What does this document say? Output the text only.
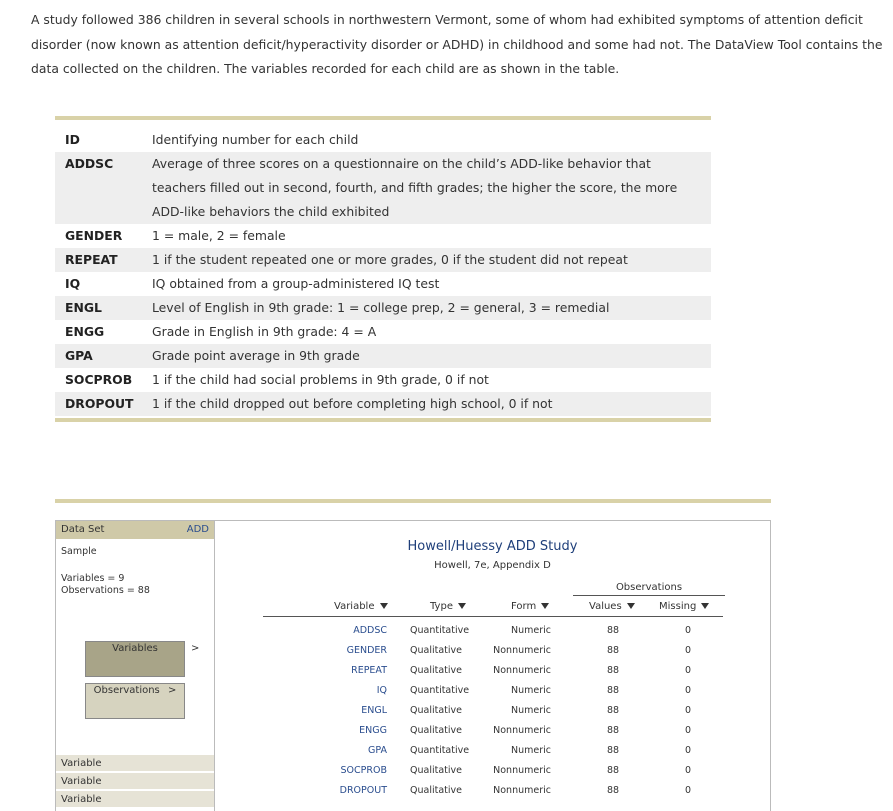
A study followed 386 children in several schools in northwestern Vermont, some of whom had exhibited symptoms of attention deficit disorder (now known as attention deficit/hyperactivity disorder or ADHD) in childhood and some had not. The DataView Tool contains the data collected on the children. The variables recorded for each child are as shown in the table.
ID	Identifying number for each child
ADDSC	Average of three scores on a questionnaire on the child’s ADD-like behavior that teachers filled out in second, fourth, and fifth grades; the higher the score, the more ADD-like behaviors the child exhibited
GENDER	1 = male, 2 = female
REPEAT	1 if the student repeated one or more grades, 0 if the student did not repeat
IQ	IQ obtained from a group-administered IQ test
ENGL	Level of English in 9th grade: 1 = college prep, 2 = general, 3 = remedial
ENGG	Grade in English in 9th grade: 4 = A
GPA	Grade point average in 9th grade
SOCPROB	1 if the child had social problems in 9th grade, 0 if not
DROPOUT	1 if the child dropped out before completing high school, 0 if not
Data Set	ADD
Sample
Variables = 9
Observations = 88
Variables	>
Observations >
Variable
Variable
Variable
Howell/Huessy ADD Study
Howell, 7e, Appendix D
Observations
Variable	Type	Form	Values	Missing
ADDSC Quantitative	Numeric	88	0
GENDER Qualitative	Nonnumeric	88	0
REPEAT Qualitative	Nonnumeric	88	0
IQ Quantitative	Numeric	88	0
ENGL Qualitative	Numeric	88	0
ENGG Qualitative	Nonnumeric	88	0
GPA Quantitative	Numeric	88	0
SOCPROB Qualitative	Nonnumeric	88	0
DROPOUT Qualitative	Nonnumeric	88	0
